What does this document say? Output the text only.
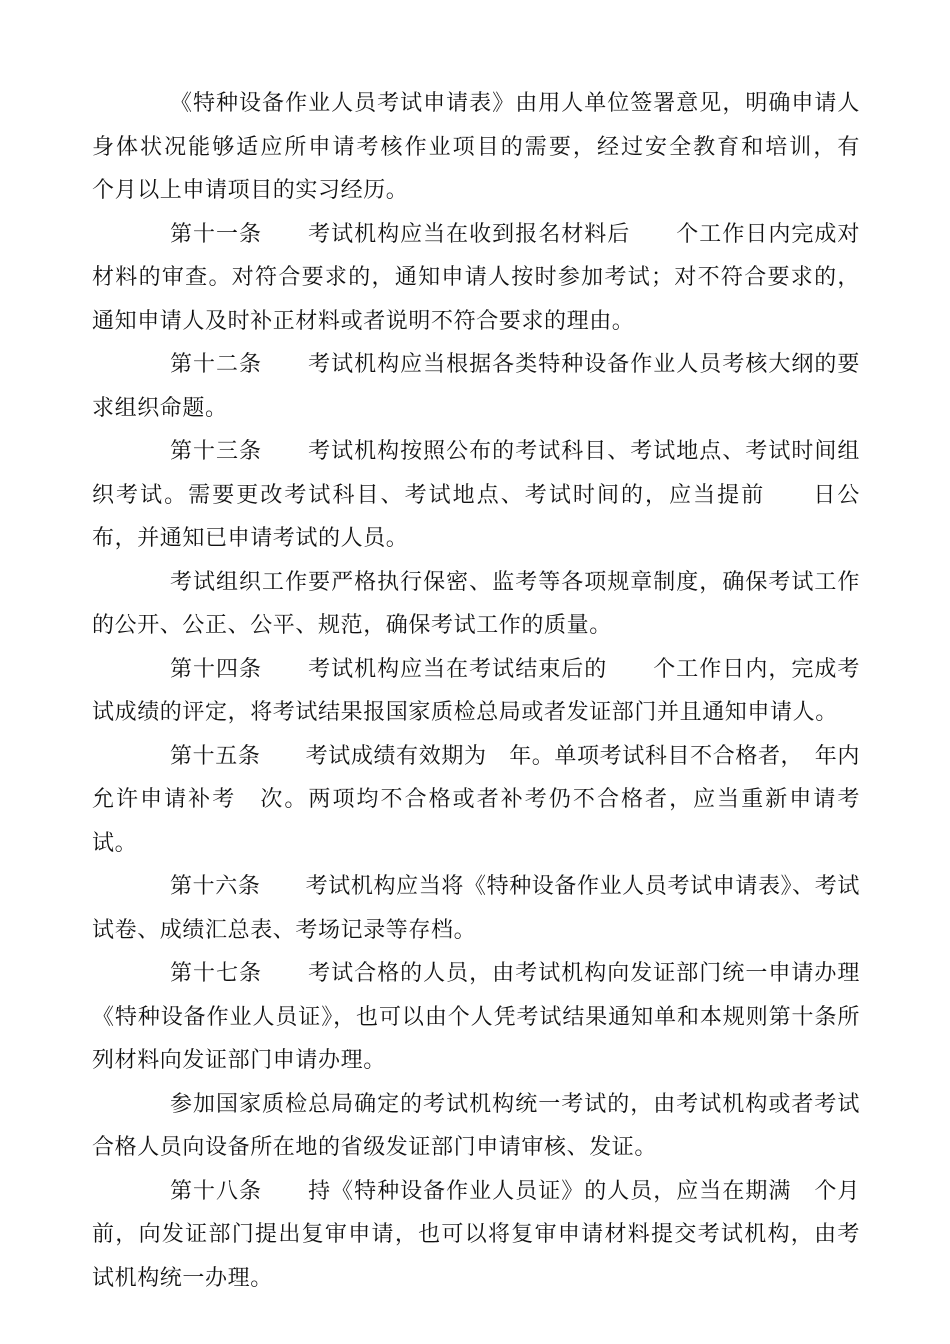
《特种设备作业人员考试申请表》由用人单位签署意见，明确申请人身体状况能够适应所申请考核作业项目的需要，经过安全教育和培训，有　个月以上申请项目的实习经历。

第十一条　　考试机构应当在收到报名材料后　　个工作日内完成对材料的审查。对符合要求的，通知申请人按时参加考试；对不符合要求的，通知申请人及时补正材料或者说明不符合要求的理由。

第十二条　　考试机构应当根据各类特种设备作业人员考核大纲的要求组织命题。

第十三条　　考试机构按照公布的考试科目、考试地点、考试时间组织考试。需要更改考试科目、考试地点、考试时间的，应当提前　　日公布，并通知已申请考试的人员。

考试组织工作要严格执行保密、监考等各项规章制度，确保考试工作的公开、公正、公平、规范，确保考试工作的质量。

第十四条　　考试机构应当在考试结束后的　　个工作日内，完成考试成绩的评定，将考试结果报国家质检总局或者发证部门并且通知申请人。

第十五条　　考试成绩有效期为　年。单项考试科目不合格者，　年内允许申请补考　次。两项均不合格或者补考仍不合格者，应当重新申请考试。

第十六条　　考试机构应当将《特种设备作业人员考试申请表》、考试试卷、成绩汇总表、考场记录等存档。

第十七条　　考试合格的人员，由考试机构向发证部门统一申请办理《特种设备作业人员证》，也可以由个人凭考试结果通知单和本规则第十条所列材料向发证部门申请办理。

参加国家质检总局确定的考试机构统一考试的，由考试机构或者考试合格人员向设备所在地的省级发证部门申请审核、发证。

第十八条　　持《特种设备作业人员证》的人员，应当在期满　个月前，向发证部门提出复审申请，也可以将复审申请材料提交考试机构，由考试机构统一办理。
